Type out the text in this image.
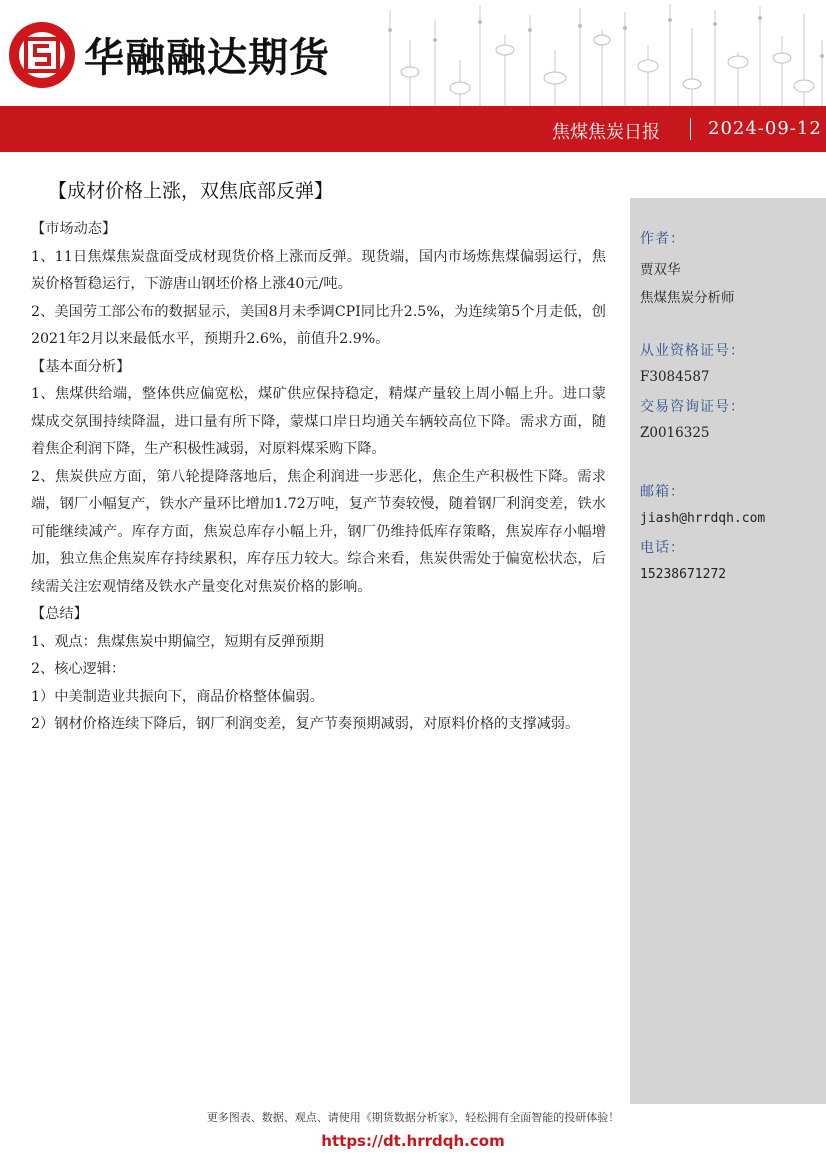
华融融达期货
焦煤焦炭日报	2024-09-12
【成材价格上涨，双焦底部反弹】

【市场动态】

1、11日焦煤焦炭盘面受成材现货价格上涨而反弹。现货端，国内市场炼焦煤偏弱运行，焦炭价格暂稳运行，下游唐山钢坯价格上涨40元/吨。

2、美国劳工部公布的数据显示，美国8月未季调CPI同比升2.5%，为连续第5个月走低，创2021年2月以来最低水平，预期升2.6%，前值升2.9%。

【基本面分析】

1、焦煤供给端，整体供应偏宽松，煤矿供应保持稳定，精煤产量较上周小幅上升。进口蒙煤成交氛围持续降温，进口量有所下降，蒙煤口岸日均通关车辆较高位下降。需求方面，随着焦企利润下降，生产积极性减弱，对原料煤采购下降。

2、焦炭供应方面，第八轮提降落地后，焦企利润进一步恶化，焦企生产积极性下降。需求端，钢厂小幅复产，铁水产量环比增加1.72万吨，复产节奏较慢，随着钢厂利润变差，铁水可能继续减产。库存方面，焦炭总库存小幅上升，钢厂仍维持低库存策略，焦炭库存小幅增加，独立焦企焦炭库存持续累积，库存压力较大。综合来看，焦炭供需处于偏宽松状态，后续需关注宏观情绪及铁水产量变化对焦炭价格的影响。

【总结】

1、观点：焦煤焦炭中期偏空，短期有反弹预期

2、核心逻辑：

1）中美制造业共振向下，商品价格整体偏弱。

2）钢材价格连续下降后，钢厂利润变差，复产节奏预期减弱，对原料价格的支撑减弱。

作者：
贾双华
焦煤焦炭分析师
从业资格证号：
F3084587
交易咨询证号：
Z0016325
邮箱：
jiash@hrrdqh.com
电话：
15238671272
更多图表、数据、观点、请使用《期货数据分析家》，轻松拥有全面智能的投研体验！
https://dt.hrrdqh.com
